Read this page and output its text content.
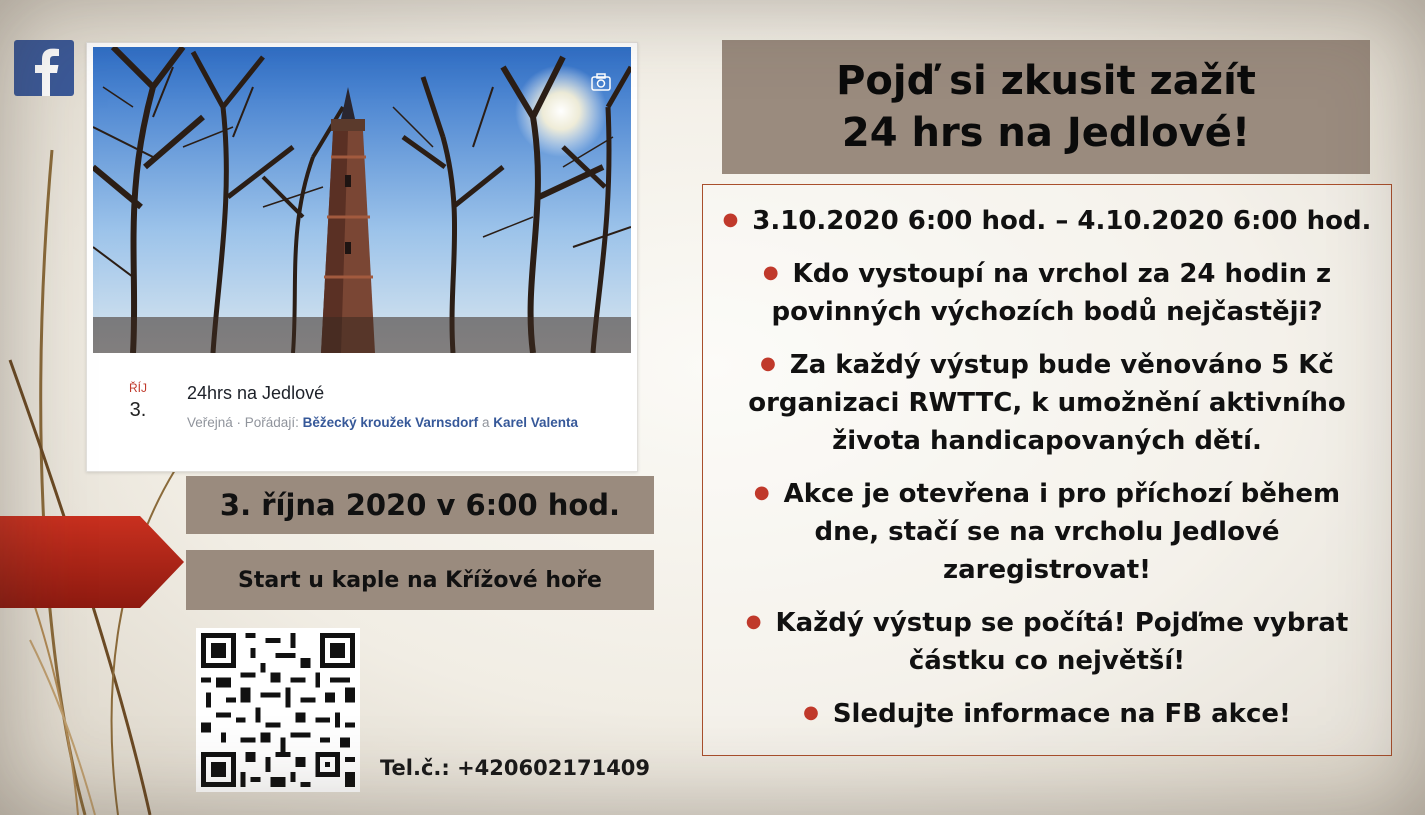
ŘÍJ
3.
24hrs na Jedlové
Veřejná · Pořádají: Běžecký kroužek Varnsdorf a Karel Valenta
3. října 2020 v 6:00 hod.
Start u kaple na Křížové hoře
Tel.č.: +420602171409
Pojď si zkusit zažít
24 hrs na Jedlové!
● 3.10.2020 6:00 hod. – 4.10.2020 6:00 hod.
● Kdo vystoupí na vrchol za 24 hodin z povinných výchozích bodů nejčastěji?
● Za každý výstup bude věnováno 5 Kč organizaci RWTTC, k umožnění aktivního života handicapovaných dětí.
● Akce je otevřena i pro příchozí během dne, stačí se na vrcholu Jedlové zaregistrovat!
● Každý výstup se počítá! Pojďme vybrat částku co největší!
● Sledujte informace na FB akce!
